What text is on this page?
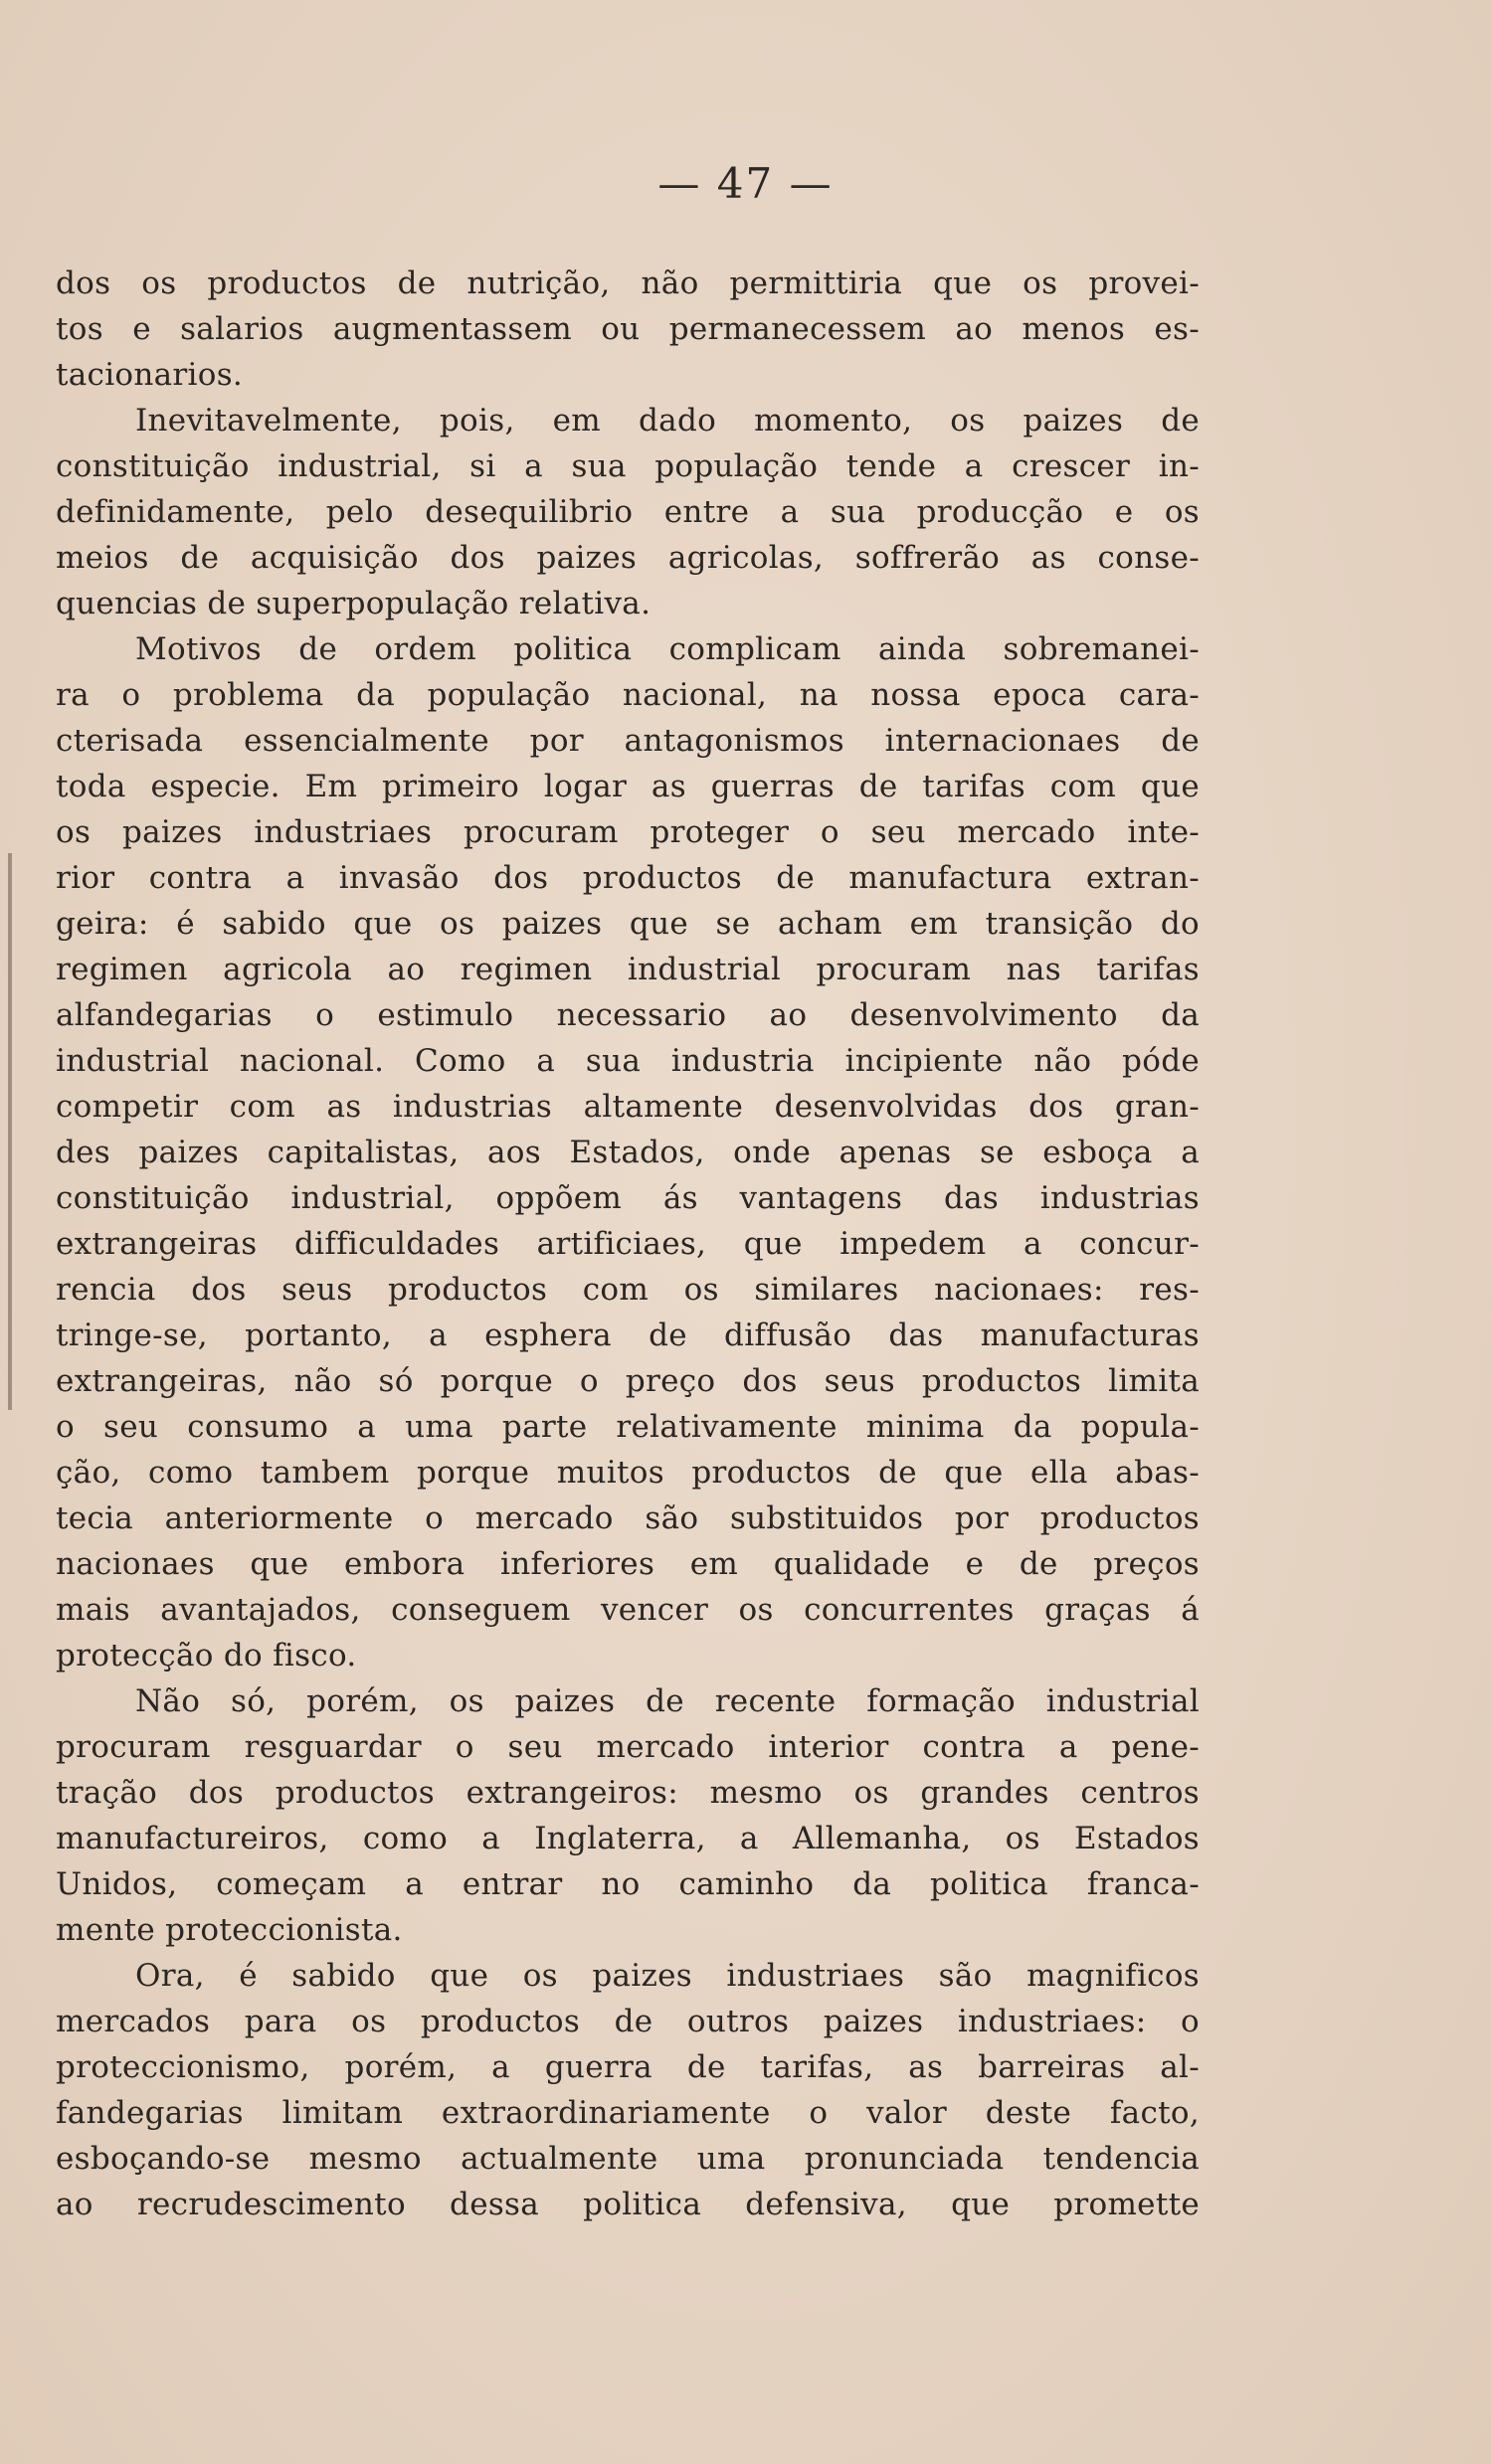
— 47 —
dos os productos de nutrição, não permittiria que os provei-
tos e salarios augmentassem ou permanecessem ao menos es-
tacionarios.
Inevitavelmente, pois, em dado momento, os paizes de
constituição industrial, si a sua população tende a crescer in-
definidamente, pelo desequilibrio entre a sua producção e os
meios de acquisição dos paizes agricolas, soffrerão as conse-
quencias de superpopulação relativa.
Motivos de ordem politica complicam ainda sobremanei-
ra o problema da população nacional, na nossa epoca cara-
cterisada essencialmente por antagonismos internacionaes de
toda especie. Em primeiro logar as guerras de tarifas com que
os paizes industriaes procuram proteger o seu mercado inte-
rior contra a invasão dos productos de manufactura extran-
geira: é sabido que os paizes que se acham em transição do
regimen agricola ao regimen industrial procuram nas tarifas
alfandegarias o estimulo necessario ao desenvolvimento da
industrial nacional. Como a sua industria incipiente não póde
competir com as industrias altamente desenvolvidas dos gran-
des paizes capitalistas, aos Estados, onde apenas se esboça a
constituição industrial, oppõem ás vantagens das industrias
extrangeiras difficuldades artificiaes, que impedem a concur-
rencia dos seus productos com os similares nacionaes: res-
tringe-se, portanto, a esphera de diffusão das manufacturas
extrangeiras, não só porque o preço dos seus productos limita
o seu consumo a uma parte relativamente minima da popula-
ção, como tambem porque muitos productos de que ella abas-
tecia anteriormente o mercado são substituidos por productos
nacionaes que embora inferiores em qualidade e de preços
mais avantajados, conseguem vencer os concurrentes graças á
protecção do fisco.
Não só, porém, os paizes de recente formação industrial
procuram resguardar o seu mercado interior contra a pene-
tração dos productos extrangeiros: mesmo os grandes centros
manufactureiros, como a Inglaterra, a Allemanha, os Estados
Unidos, começam a entrar no caminho da politica franca-
mente proteccionista.
Ora, é sabido que os paizes industriaes são magnificos
mercados para os productos de outros paizes industriaes: o
proteccionismo, porém, a guerra de tarifas, as barreiras al-
fandegarias limitam extraordinariamente o valor deste facto,
esboçando-se mesmo actualmente uma pronunciada tendencia
ao recrudescimento dessa politica defensiva, que promette
